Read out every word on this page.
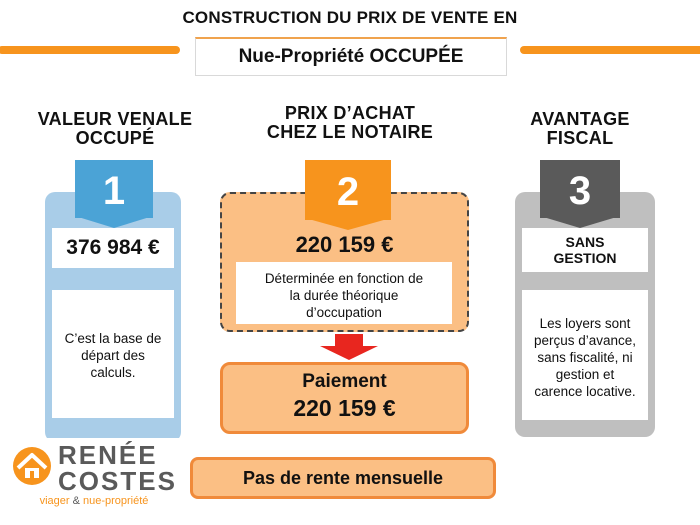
CONSTRUCTION DU PRIX DE VENTE EN
Nue-Propriété OCCUPÉE
VALEUR VENALE
OCCUPÉ
PRIX D’ACHAT
CHEZ LE NOTAIRE
AVANTAGE
FISCAL
376 984 €
C’est la base de
départ des
calculs.
1
220 159 €
Déterminée en fonction de
la durée théorique
d’occupation
2
Paiement
220 159 €
SANS
GESTION
Les loyers sont
perçus d’avance,
sans fiscalité, ni
gestion et
carence locative.
3
Pas de rente mensuelle
RENÉE
COSTES
viager & nue-propriété
